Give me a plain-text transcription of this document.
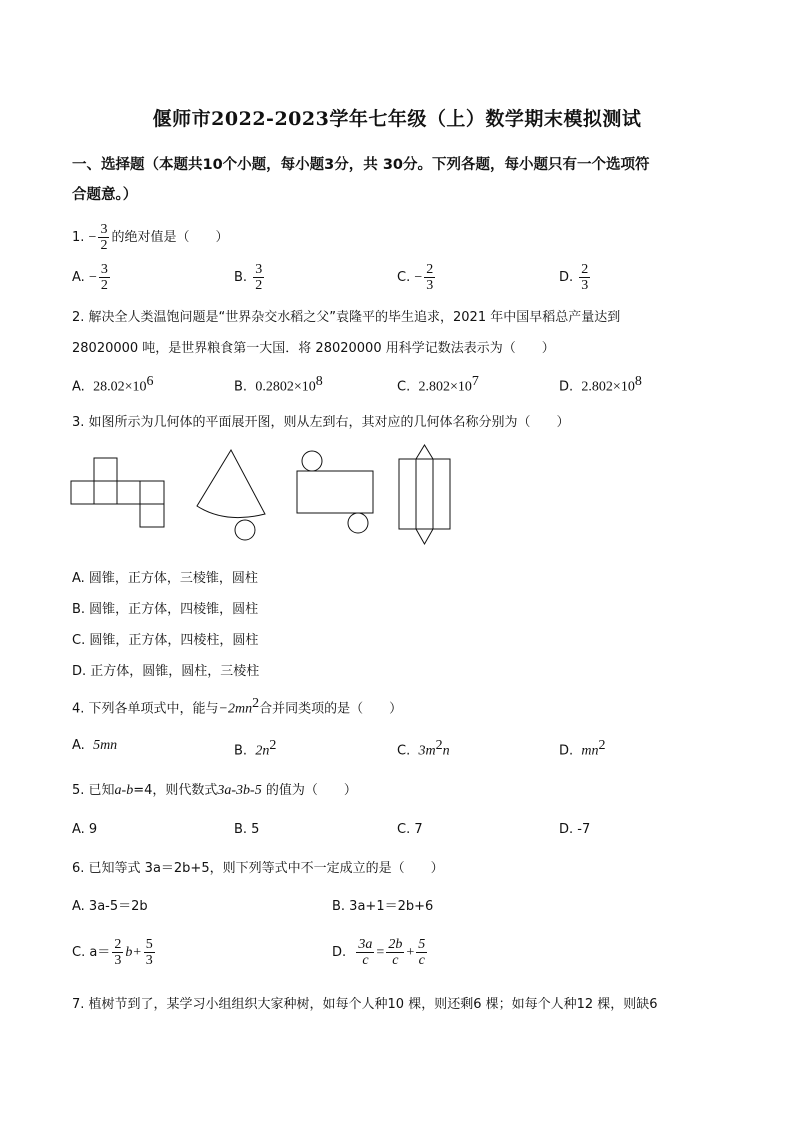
偃师市2022-2023学年七年级（上）数学期末模拟测试
一、选择题（本题共10个小题，每小题3分，共 30分。下列各题，每小题只有一个选项符
合题意。）
1. − $\frac{3}{2}$ 的绝对值是（　　）
A. − $\frac{3}{2}$	B. $\frac{3}{2}$	C. − $\frac{2}{3}$	D. $\frac{2}{3}$
2. 解决全人类温饱问题是“世界杂交水稻之父”袁隆平的毕生追求，2021 年中国早稻总产量达到
28020000 吨，是世界粮食第一大国．将 28020000 用科学记数法表示为（　　）
A. $28.02\times 10^6$	B. $0.2802\times 10^8$	C. $2.802\times 10^7$	D. $2.802\times 10^8$
3. 如图所示为几何体的平面展开图，则从左到右，其对应的几何体名称分别为（　　）
A. 圆锥，正方体，三棱锥，圆柱
B. 圆锥，正方体，四棱锥，圆柱
C. 圆锥，正方体，四棱柱，圆柱
D. 正方体，圆锥，圆柱，三棱柱
4. 下列各单项式中，能与$-2mn^2$合并同类项的是（　　）
A. 5mn	B. $2n^2$	C. $3m^2n$	D. $mn^2$
5. 已知a-b=4，则代数式3a-3b-5 的值为（　　）
A. 9	B. 5	C. 7	D. -7
6. 已知等式 3a＝2b+5，则下列等式中不一定成立的是（　　）
A. 3a-5＝2b	B. 3a+1＝2b+6
C. $a= \frac{2}{3} b+ \frac{5}{3}$	D. $\frac{3a}{c} = \frac{2b}{c} + \frac{5}{c}$
7. 植树节到了，某学习小组组织大家种树，如每个人种10 棵，则还剩6 棵；如每个人种12 棵，则缺6
